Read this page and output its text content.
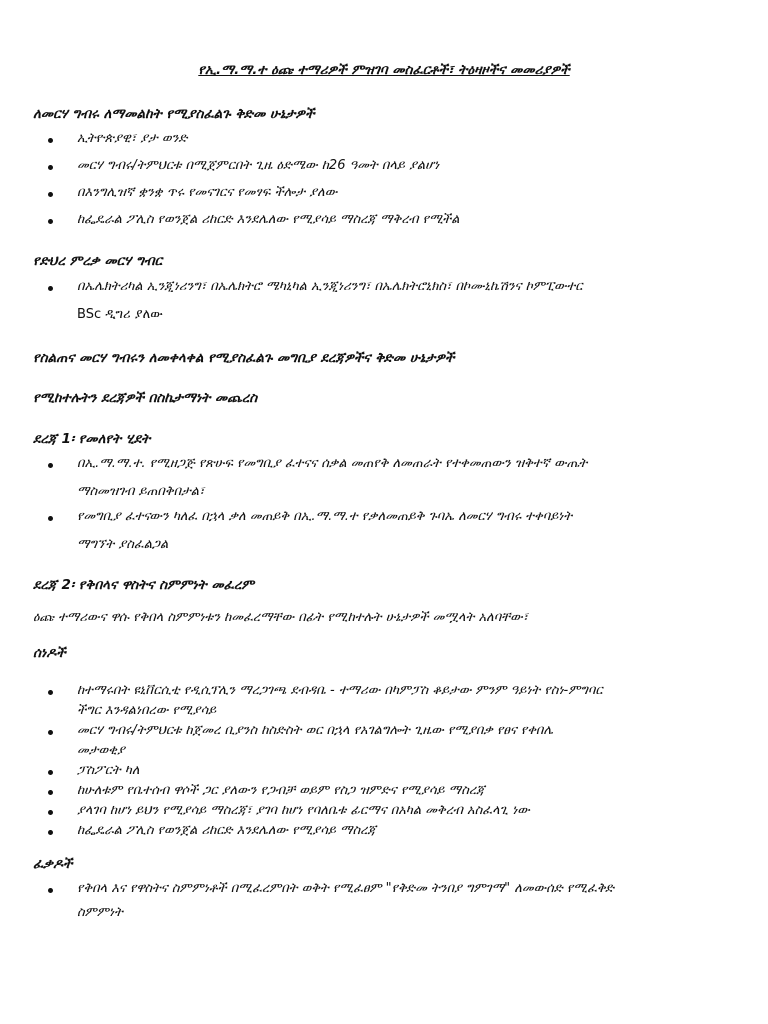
የኢ.ማ.ማ.ተ ዕጩ ተማሪዎች ምዝገባ መስፈርቶች፣ ትዕዛዞችና መመሪያዎች
ለመርሃ ግብሩ ለማመልከት የሚያስፈልጉ ቅድመ ሁኔታዎች
ኢትዮጵያዊ፣ ያታ ወንድ
መርሃ ግብሩ/ትምህርቱ በሚጀምርበት ጊዜ ዕድሜው ከ26 ዓመት በላይ ያልሆነ
በእንግሊዝኛ ቋንቋ ጥሩ የመናገርና የመፃፍ ችሎታ ያለው
ከፌዴራል ፖሊስ የወንጀል ሪከርድ እንደሌለው የሚያሳይ ማስረጃ ማቅረብ የሚችል
የድህረ ምረቃ መርሃ ግብር
በኤሌክትሪካል ኢንጂነሪንግ፣ በኤሌክትሮ ሜካኒካል ኢንጂነሪንግ፣ በኤሌክትሮኒክስ፣ በኮሙኒኬሽንና ኮምፒውተር
BSc ዲግሪ ያለው
የስልጠና መርሃ ግብሩን ለመቀላቀል የሚያስፈልጉ መግቢያ ደረጃዎችና ቅድመ ሁኔታዎች
የሚከተሉትን ደረጃዎች በስኬታማነት መጨረስ
ደረጃ 1፡ የመለየት ሂደት
በኢ.ማ.ማ.ተ. የሚዘጋጅ የጽሁፍ የመግቢያ ፈተናና ሰቃል መጠየቅ ለመጠራት የተቀመጠውን ዝቅተኛ ውጤት
ማስመዝገብ ይጠበቅበታል፣
የመግቢያ ፈተናውን ካለፈ በኋላ ቃለ መጠይቅ በኢ.ማ.ማ.ተ የቃለመጠይቅ ጉባኤ ለመርሃ ግብሩ ተቀባይነት
ማግኘት ያስፈልጋል
ደረጃ 2፡ የቅበላና ዋስትና ስምምነት መፈረም
ዕጩ ተማሪውና ዋሱ የቅበላ ስምምነቱን ከመፈረማቸው በፊት የሚከተሉት ሁኔታዎች መሟላት አለባቸው፣
ሰነዶች
ከተማሩበት ዩኒቨርሲቲ የዲሲፕሊን ማረጋገጫ ደብዳቤ - ተማሪው በካምፓስ ቆይታው ምንም ዓይነት የስነ-ምግባር
ችግር እንዳልነበረው የሚያሳይ
መርሃ ግብሩ/ትምህርቱ ከጀመረ ቢያንስ ከስድስት ወር በኋላ የአገልግሎት ጊዜው የሚያበቃ የፀና የቀበሌ
መታወቂያ
ፓስፖርት ካለ
ከሁለቱም የቤተሰብ ዋሶች ጋር ያለውን የጋብቻ ወይም የስጋ ዝምድና የሚያሳይ ማስረጃ
ያላገባ ከሆነ ይህን የሚያሳይ ማስረጃ፣ ያገባ ከሆነ የባለቤቱ ፊርማና በአካል መቅረብ አስፈላጊ ነው
ከፌዴራል ፖሊስ የወንጀል ሪከርድ እንደሌለው የሚያሳይ ማስረጃ
ፈቃዶች
የቅበላ እና የዋስትና ስምምነቶች በሚፈረምበት ወቅት የሚፈፀም "የቅድመ ትንበያ ግምገማ" ለመውሰድ የሚፈቅድ
ስምምነት
